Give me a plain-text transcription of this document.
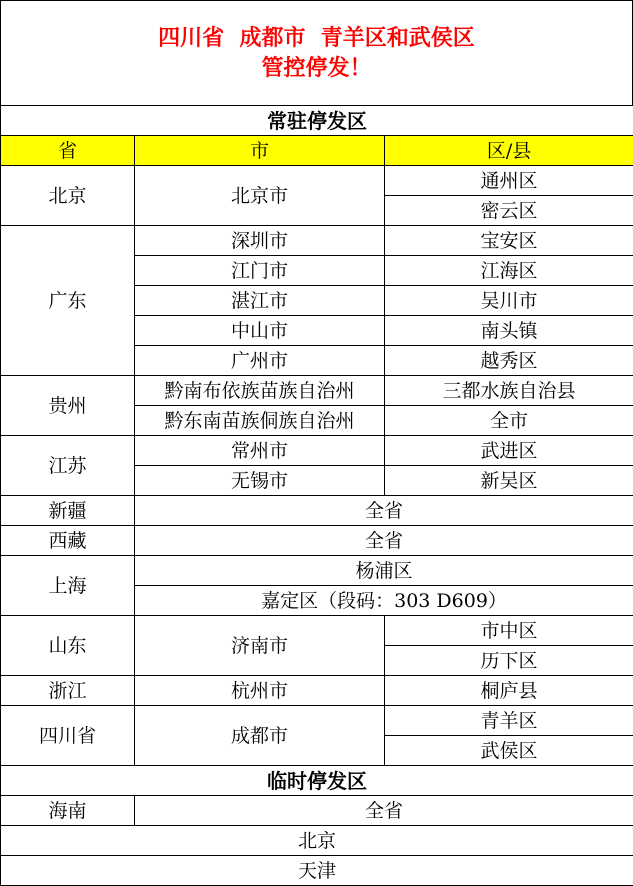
四川省  成都市  青羊区和武侯区
管控停发！
常驻停发区		
省	市	区/县
北京	北京市	通州区
		密云区
广东	深圳市	宝安区
	江门市	江海区
	湛江市	吴川市
	中山市	南头镇
	广州市	越秀区
贵州	黔南布依族苗族自治州	三都水族自治县
	黔东南苗族侗族自治州	全市
江苏	常州市	武进区
	无锡市	新吴区
新疆	全省	
西藏	全省	
上海	杨浦区	
	嘉定区（段码：303 D609）	
山东	济南市	市中区
		历下区
浙江	杭州市	桐庐县
四川省	成都市	青羊区
		武侯区
临时停发区		
海南	全省	
北京		
天津		
